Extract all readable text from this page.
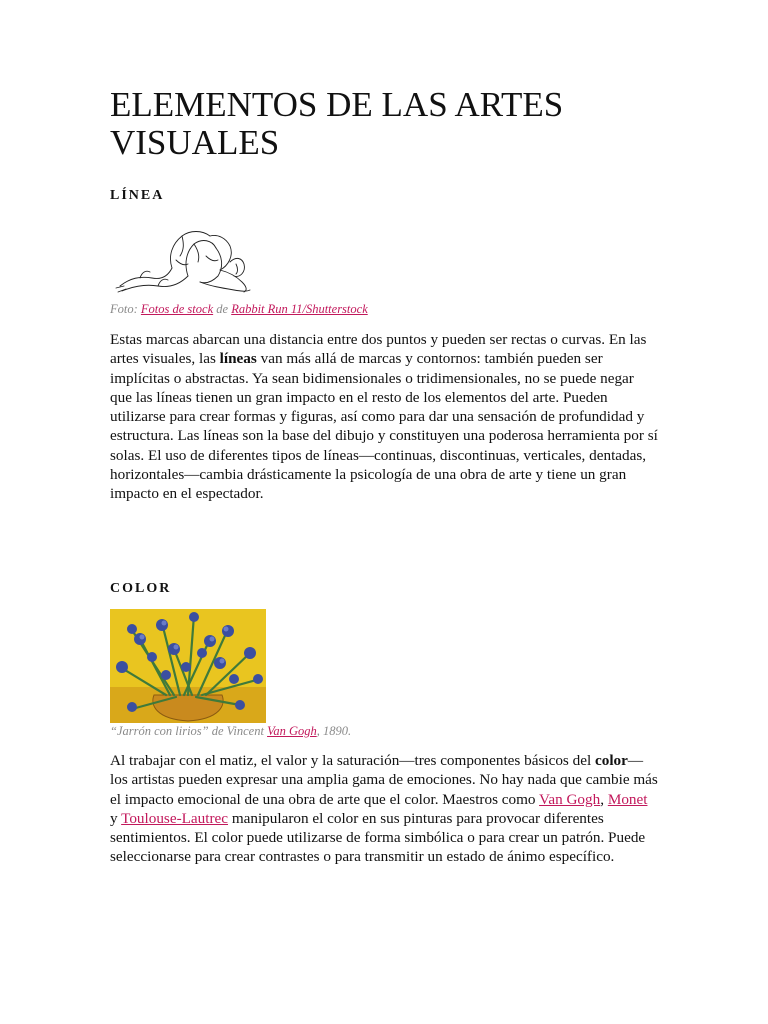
ELEMENTOS DE LAS ARTES VISUALES
LÍNEA
Foto: Fotos de stock de Rabbit Run 11/Shutterstock

Estas marcas abarcan una distancia entre dos puntos y pueden ser rectas o curvas. En las artes visuales, las líneas van más allá de marcas y contornos: también pueden ser implícitas o abstractas. Ya sean bidimensionales o tridimensionales, no se puede negar que las líneas tienen un gran impacto en el resto de los elementos del arte. Pueden utilizarse para crear formas y figuras, así como para dar una sensación de profundidad y estructura. Las líneas son la base del dibujo y constituyen una poderosa herramienta por sí solas. El uso de diferentes tipos de líneas—continuas, discontinuas, verticales, dentadas, horizontales—cambia drásticamente la psicología de una obra de arte y tiene un gran impacto en el espectador.

COLOR
“Jarrón con lirios” de Vincent Van Gogh, 1890.

Al trabajar con el matiz, el valor y la saturación—tres componentes básicos del color—los artistas pueden expresar una amplia gama de emociones. No hay nada que cambie más el impacto emocional de una obra de arte que el color. Maestros como Van Gogh, Monet y Toulouse-Lautrec manipularon el color en sus pinturas para provocar diferentes sentimientos. El color puede utilizarse de forma simbólica o para crear un patrón. Puede seleccionarse para crear contrastes o para transmitir un estado de ánimo específico.
